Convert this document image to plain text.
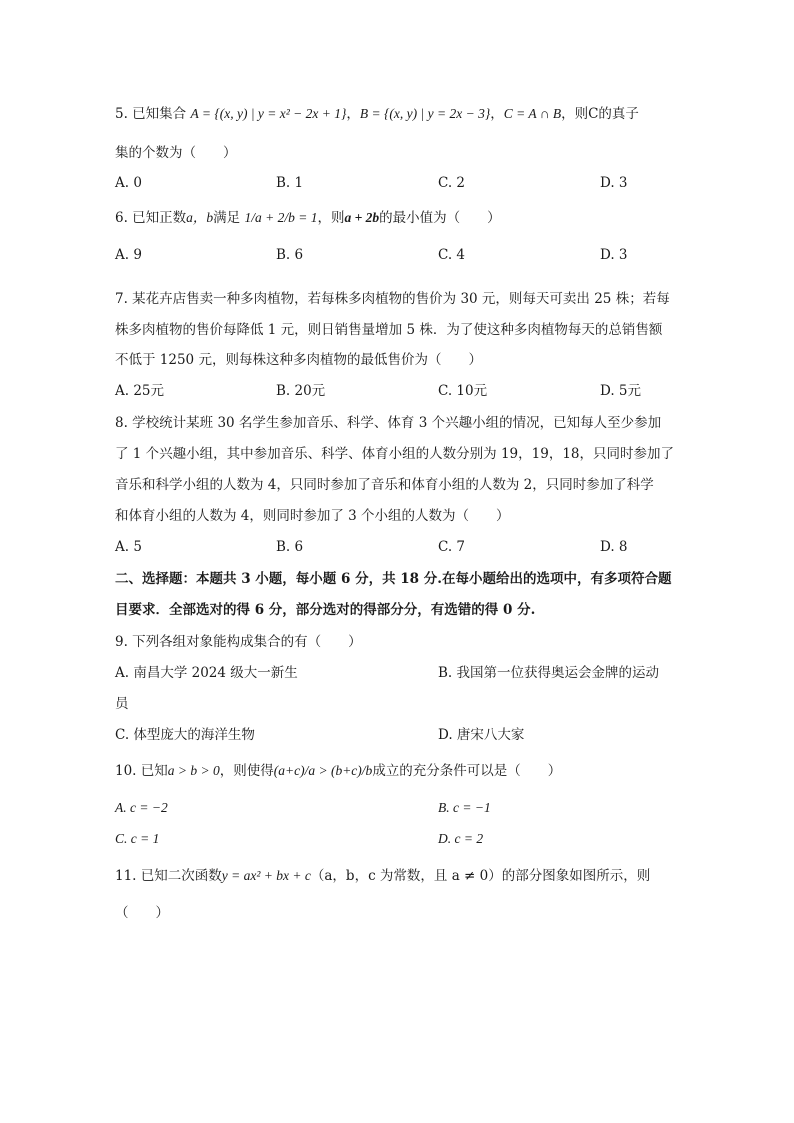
5. 已知集合 A = {(x, y) | y = x² − 2x + 1}，B = {(x, y) | y = 2x − 3}，C = A ∩ B，则C的真子
集的个数为（　　）
A. 0	B. 1	C. 2	D. 3
6. 已知正数a，b满足 1/a + 2/b = 1，则a + 2b的最小值为（　　）
A. 9	B. 6	C. 4	D. 3
7. 某花卉店售卖一种多肉植物，若每株多肉植物的售价为 30 元，则每天可卖出 25 株；若每
株多肉植物的售价每降低 1 元，则日销售量增加 5 株．为了使这种多肉植物每天的总销售额
不低于 1250 元，则每株这种多肉植物的最低售价为（　　）
A. 25元	B. 20元	C. 10元	D. 5元
8. 学校统计某班 30 名学生参加音乐、科学、体育 3 个兴趣小组的情况，已知每人至少参加
了 1 个兴趣小组，其中参加音乐、科学、体育小组的人数分别为 19，19，18，只同时参加了
音乐和科学小组的人数为 4，只同时参加了音乐和体育小组的人数为 2，只同时参加了科学
和体育小组的人数为 4，则同时参加了 3 个小组的人数为（　　）
A. 5	B. 6	C. 7	D. 8
二、选择题：本题共 3 小题，每小题 6 分，共 18 分.在每小题给出的选项中，有多项符合题
目要求．全部选对的得 6 分，部分选对的得部分分，有选错的得 0 分.
9. 下列各组对象能构成集合的有（　　）
A. 南昌大学 2024 级大一新生	B. 我国第一位获得奥运会金牌的运动
员
C. 体型庞大的海洋生物	D. 唐宋八大家
10. 已知a > b > 0，则使得(a+c)/a > (b+c)/b成立的充分条件可以是（　　）
A. c = −2	B. c = −1
C. c = 1	D. c = 2
11. 已知二次函数y = ax² + bx + c（a，b，c 为常数，且 a ≠ 0）的部分图象如图所示，则
（　　）
